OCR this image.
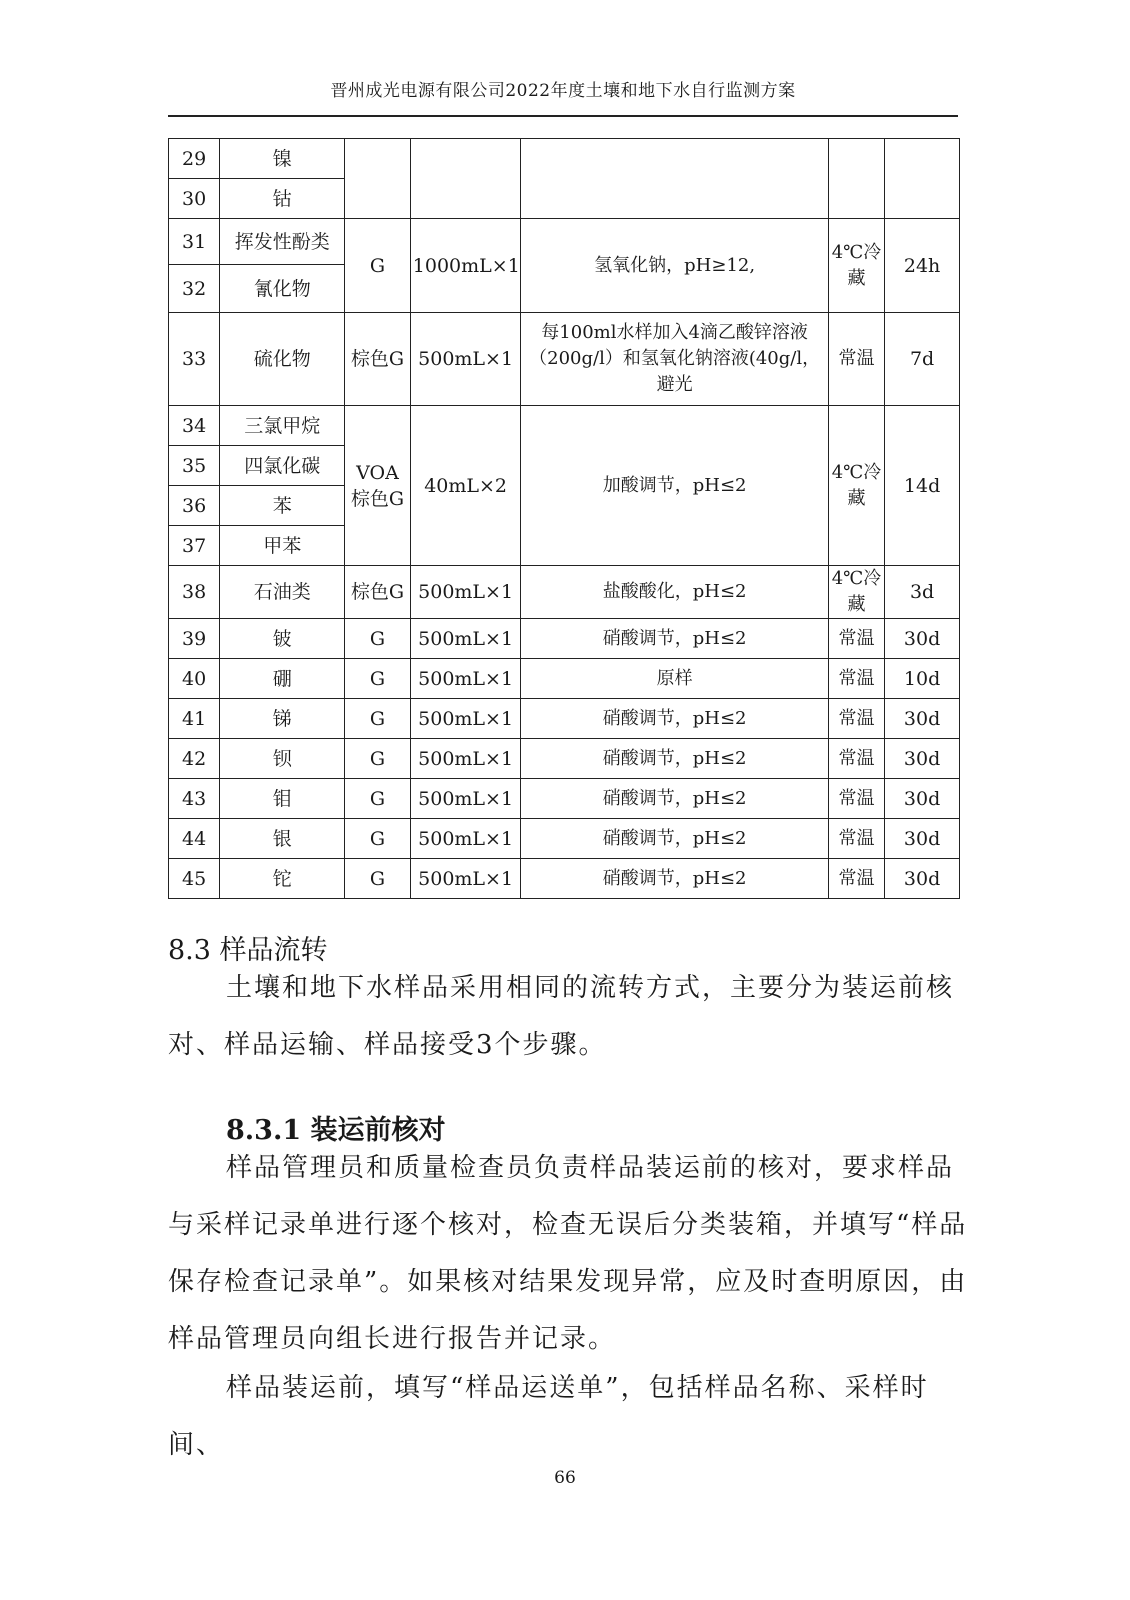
晋州成光电源有限公司2022年度土壤和地下水自行监测方案
29	镍					
30	钴					
31	挥发性酚类	G	1000mL×1	氢氧化钠，pH≥12,	4℃冷藏	24h
32	氰化物					
33	硫化物	棕色G	500mL×1	每100ml水样加入4滴乙酸锌溶液（200g/l）和氢氧化钠溶液(40g/l，避光	常温	7d
34	三氯甲烷	VOA棕色G	40mL×2	加酸调节，pH≤2	4℃冷藏	14d
35	四氯化碳					
36	苯					
37	甲苯					
38	石油类	棕色G	500mL×1	盐酸酸化，pH≤2	4℃冷藏	3d
39	铍	G	500mL×1	硝酸调节，pH≤2	常温	30d
40	硼	G	500mL×1	原样	常温	10d
41	锑	G	500mL×1	硝酸调节，pH≤2	常温	30d
42	钡	G	500mL×1	硝酸调节，pH≤2	常温	30d
43	钼	G	500mL×1	硝酸调节，pH≤2	常温	30d
44	银	G	500mL×1	硝酸调节，pH≤2	常温	30d
45	铊	G	500mL×1	硝酸调节，pH≤2	常温	30d
8.3 样品流转

土壤和地下水样品采用相同的流转方式，主要分为装运前核对、样品运输、样品接受3个步骤。

8.3.1 装运前核对

样品管理员和质量检查员负责样品装运前的核对，要求样品与采样记录单进行逐个核对，检查无误后分类装箱，并填写“样品保存检查记录单”。如果核对结果发现异常，应及时查明原因，由样品管理员向组长进行报告并记录。

样品装运前，填写“样品运送单”，包括样品名称、采样时间、

66
